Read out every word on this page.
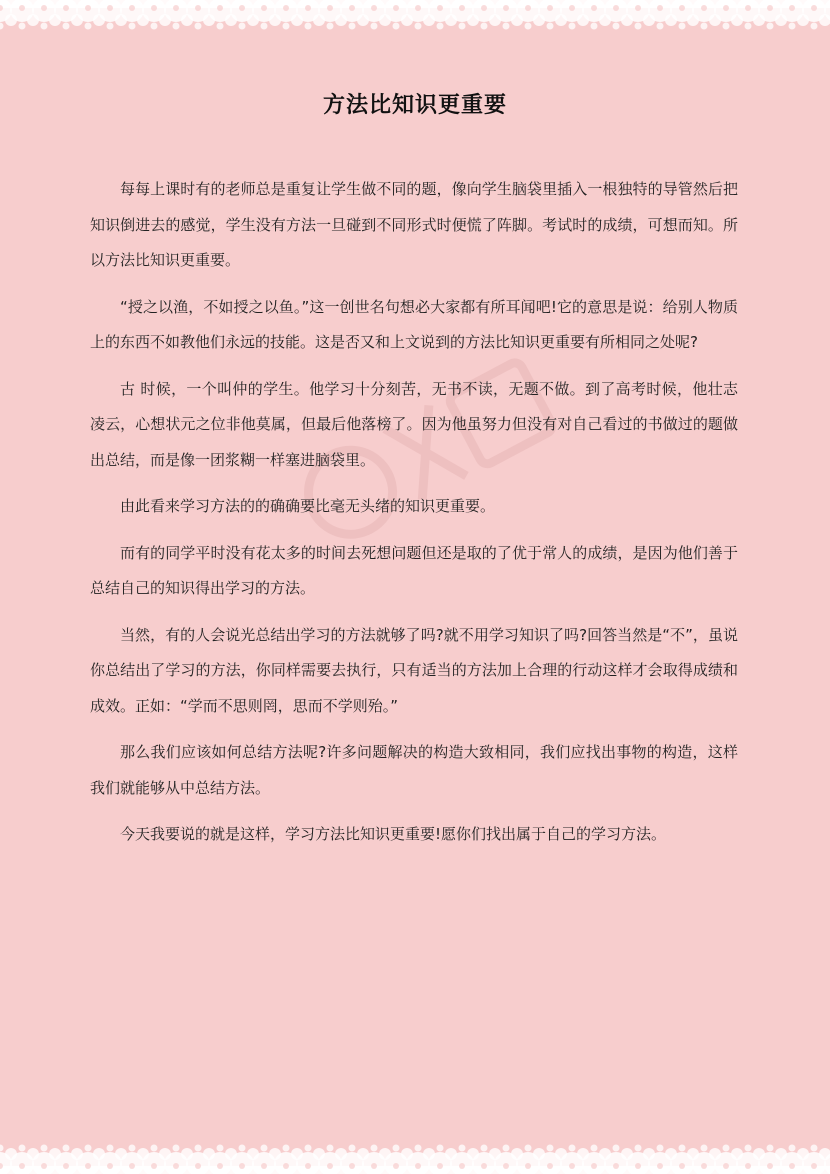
方法比知识更重要

每每上课时有的老师总是重复让学生做不同的题，像向学生脑袋里插入一根独特的导管然后把知识倒进去的感觉，学生没有方法一旦碰到不同形式时便慌了阵脚。考试时的成绩，可想而知。所以方法比知识更重要。

“授之以渔，不如授之以鱼。”这一创世名句想必大家都有所耳闻吧!它的意思是说：给别人物质上的东西不如教他们永远的技能。这是否又和上文说到的方法比知识更重要有所相同之处呢?

古 时候，一个叫仲的学生。他学习十分刻苦，无书不读，无题不做。到了高考时候，他壮志凌云，心想状元之位非他莫属，但最后他落榜了。因为他虽努力但没有对自己看过的书做过的题做出总结，而是像一团浆糊一样塞进脑袋里。

由此看来学习方法的的确确要比毫无头绪的知识更重要。

而有的同学平时没有花太多的时间去死想问题但还是取的了优于常人的成绩，是因为他们善于总结自己的知识得出学习的方法。

当然，有的人会说光总结出学习的方法就够了吗?就不用学习知识了吗?回答当然是“不”，虽说你总结出了学习的方法，你同样需要去执行，只有适当的方法加上合理的行动这样才会取得成绩和成效。正如：“学而不思则罔，思而不学则殆。”

那么我们应该如何总结方法呢?许多问题解决的构造大致相同，我们应找出事物的构造，这样我们就能够从中总结方法。

今天我要说的就是这样，学习方法比知识更重要!愿你们找出属于自己的学习方法。
